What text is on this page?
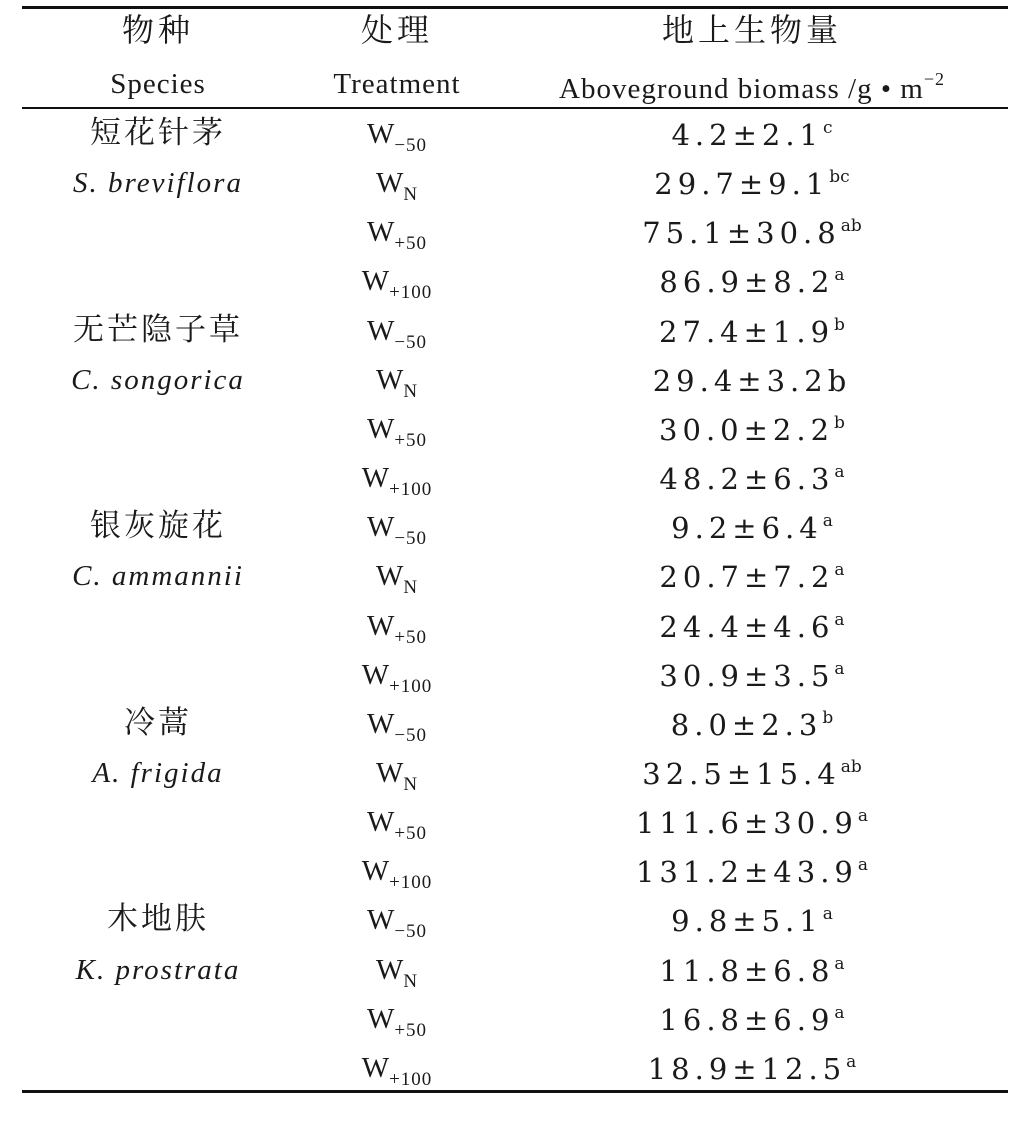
物种	处理	地上生物量
Species	Treatment	Aboveground biomass /g • $m^{-2}$
短花针茅
S. breviflora
$W_{-50}$	4.2±2.1$^c$
$W_N$	29.7±9.1$^{bc}$
$W_{+50}$	75.1±30.8$^{ab}$
$W_{+100}$	86.9±8.2$^a$
无芒隐子草
C. songorica
$W_{-50}$	27.4±1.9$^b$
$W_N$	29.4±3.2b
$W_{+50}$	30.0±2.2$^b$
$W_{+100}$	48.2±6.3$^a$
银灰旋花
C. ammannii
$W_{-50}$	9.2±6.4$^a$
$W_N$	20.7±7.2$^a$
$W_{+50}$	24.4±4.6$^a$
$W_{+100}$	30.9±3.5$^a$
冷蒿
A. frigida
$W_{-50}$	8.0±2.3$^b$
$W_N$	32.5±15.4$^{ab}$
$W_{+50}$	111.6±30.9$^a$
$W_{+100}$	131.2±43.9$^a$
木地肤
K. prostrata
$W_{-50}$	9.8±5.1$^a$
$W_N$	11.8±6.8$^a$
$W_{+50}$	16.8±6.9$^a$
$W_{+100}$	18.9±12.5$^a$
